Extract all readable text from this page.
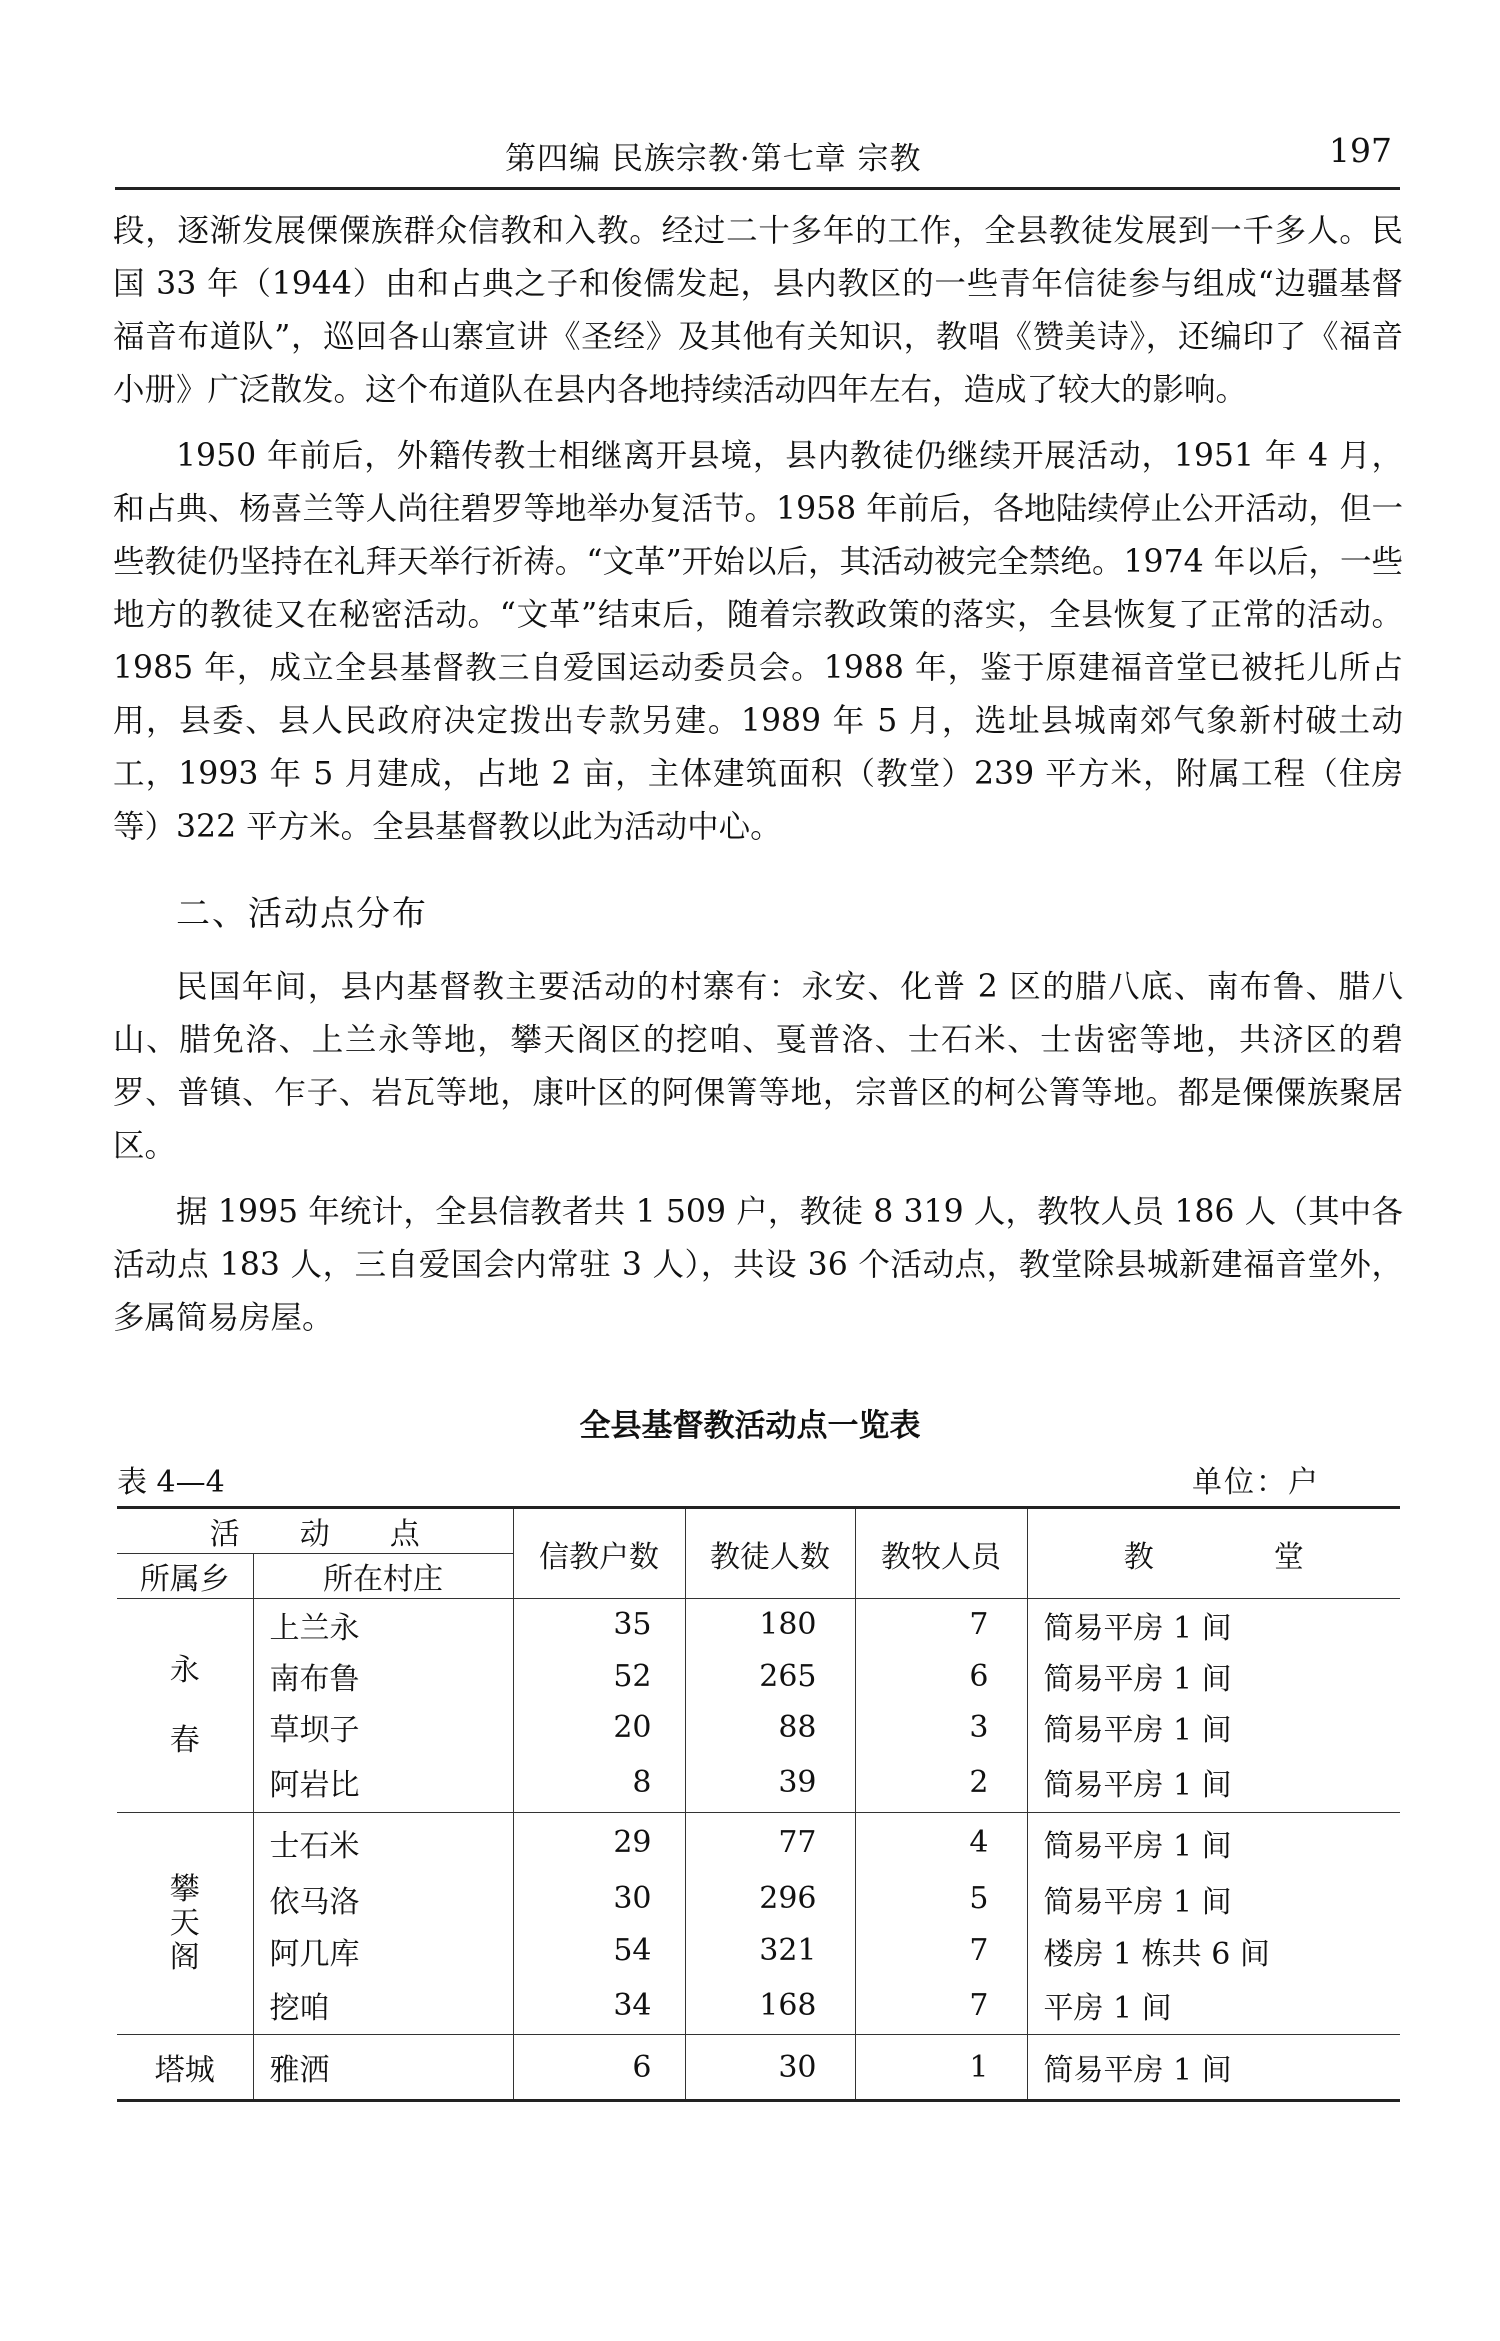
第四编 民族宗教·第七章 宗教	197

段，逐渐发展傈僳族群众信教和入教。经过二十多年的工作，全县教徒发展到一千多人。民国 33 年（1944）由和占典之子和俊儒发起，县内教区的一些青年信徒参与组成“边疆基督福音布道队”，巡回各山寨宣讲《圣经》及其他有关知识，教唱《赞美诗》，还编印了《福音小册》广泛散发。这个布道队在县内各地持续活动四年左右，造成了较大的影响。

1950 年前后，外籍传教士相继离开县境，县内教徒仍继续开展活动，1951 年 4 月，和占典、杨喜兰等人尚往碧罗等地举办复活节。1958 年前后，各地陆续停止公开活动，但一些教徒仍坚持在礼拜天举行祈祷。“文革”开始以后，其活动被完全禁绝。1974 年以后，一些地方的教徒又在秘密活动。“文革”结束后，随着宗教政策的落实，全县恢复了正常的活动。1985 年，成立全县基督教三自爱国运动委员会。1988 年，鉴于原建福音堂已被托儿所占用，县委、县人民政府决定拨出专款另建。1989 年 5 月，选址县城南郊气象新村破土动工，1993 年 5 月建成，占地 2 亩，主体建筑面积（教堂）239 平方米，附属工程（住房等）322 平方米。全县基督教以此为活动中心。

二、活动点分布

民国年间，县内基督教主要活动的村寨有：永安、化普 2 区的腊八底、南布鲁、腊八山、腊免洛、上兰永等地，攀天阁区的挖咱、戛普洛、士石米、士齿密等地，共济区的碧罗、普镇、乍子、岩瓦等地，康叶区的阿倮箐等地，宗普区的柯公箐等地。都是傈僳族聚居区。

据 1995 年统计，全县信教者共 1 509 户，教徒 8 319 人，教牧人员 186 人（其中各活动点 183 人，三自爱国会内常驻 3 人），共设 36 个活动点，教堂除县城新建福音堂外，多属简易房屋。

全县基督教活动点一览表
表 4—4	单位：户
活　　动　　点		信教户数	教徒人数	教牧人员	教　　　　堂
所属乡	所在村庄				

永
春	上兰永	35	180	7	简易平房 1 间
	南布鲁	52	265	6	简易平房 1 间
	草坝子	20	88	3	简易平房 1 间
	阿岩比	8	39	2	简易平房 1 间

攀
天
阁	士石米	29	77	4	简易平房 1 间
	依马洛	30	296	5	简易平房 1 间
	阿几库	54	321	7	楼房 1 栋共 6 间
	挖咱	34	168	7	平房 1 间
塔城	雅洒	6	30	1	简易平房 1 间
